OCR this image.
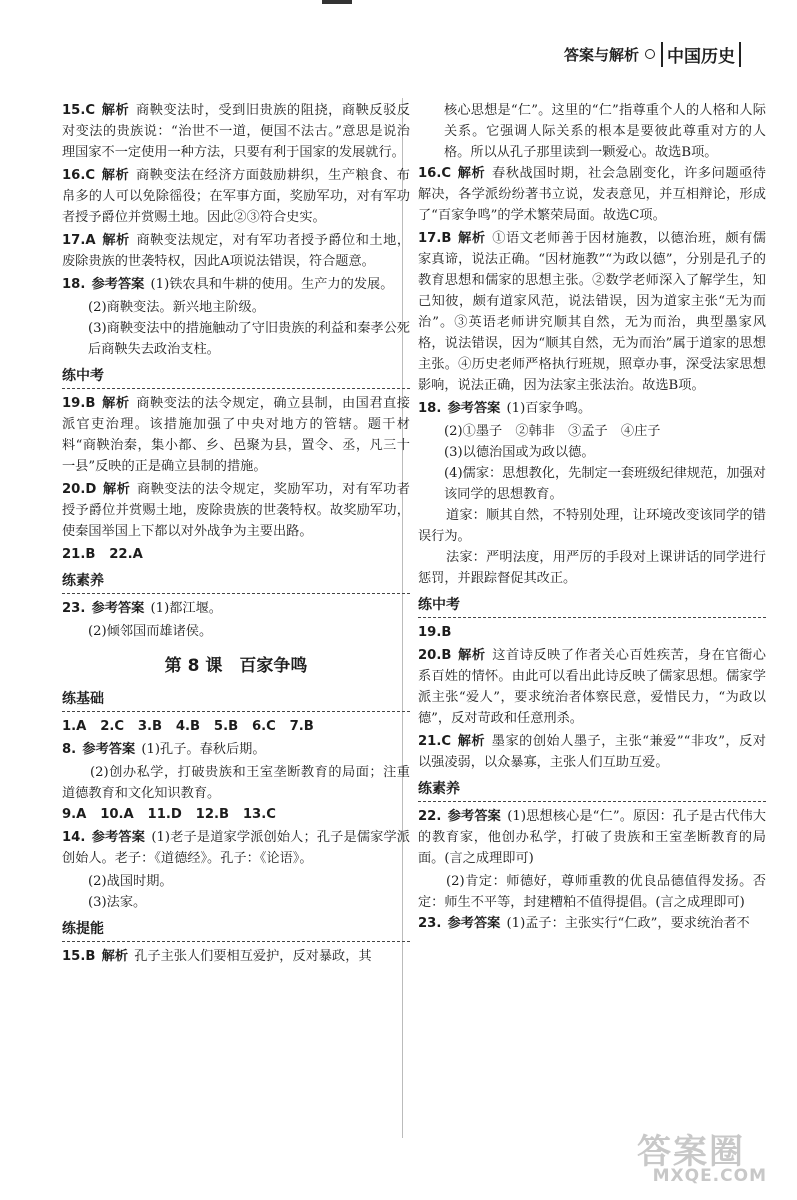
答案与解析	中国历史
15.C 解析 商鞅变法时，受到旧贵族的阻挠，商鞅反驳反对变法的贵族说：“治世不一道，便国不法古。”意思是说治理国家不一定使用一种方法，只要有利于国家的发展就行。
16.C 解析 商鞅变法在经济方面鼓励耕织，生产粮食、布帛多的人可以免除徭役；在军事方面，奖励军功，对有军功者授予爵位并赏赐土地。因此②③符合史实。
17.A 解析 商鞅变法规定，对有军功者授予爵位和土地，废除贵族的世袭特权，因此A项说法错误，符合题意。
18. 参考答案 (1)铁农具和牛耕的使用。生产力的发展。
(2)商鞅变法。新兴地主阶级。
(3)商鞅变法中的措施触动了守旧贵族的利益和秦孝公死后商鞅失去政治支柱。
练中考
19.B 解析 商鞅变法的法令规定，确立县制，由国君直接派官吏治理。该措施加强了中央对地方的管辖。题干材料“商鞅治秦，集小都、乡、邑聚为县，置令、丞，凡三十一县”反映的正是确立县制的措施。
20.D 解析 商鞅变法的法令规定，奖励军功，对有军功者授予爵位并赏赐土地，废除贵族的世袭特权。故奖励军功，使秦国举国上下都以对外战争为主要出路。
21.B 22.A
练素养
23. 参考答案 (1)都江堰。
(2)倾邻国而雄诸侯。
第 8 课　百家争鸣
练基础
1.A 2.C 3.B 4.B 5.B 6.C 7.B
8. 参考答案 (1)孔子。春秋后期。
(2)创办私学，打破贵族和王室垄断教育的局面；注重道德教育和文化知识教育。
9.A 10.A 11.D 12.B 13.C
14. 参考答案 (1)老子是道家学派创始人；孔子是儒家学派创始人。老子：《道德经》。孔子：《论语》。
(2)战国时期。
(3)法家。
练提能
15.B 解析 孔子主张人们要相互爱护，反对暴政，其
核心思想是“仁”。这里的“仁”指尊重个人的人格和人际关系。它强调人际关系的根本是要彼此尊重对方的人格。所以从孔子那里读到一颗爱心。故选B项。
16.C 解析 春秋战国时期，社会急剧变化，许多问题亟待解决，各学派纷纷著书立说，发表意见，并互相辩论，形成了“百家争鸣”的学术繁荣局面。故选C项。
17.B 解析 ①语文老师善于因材施教，以德治班，颇有儒家真谛，说法正确。“因材施教”“为政以德”，分别是孔子的教育思想和儒家的思想主张。②数学老师深入了解学生，知己知彼，颇有道家风范，说法错误，因为道家主张“无为而治”。③英语老师讲究顺其自然，无为而治，典型墨家风格，说法错误，因为“顺其自然，无为而治”属于道家的思想主张。④历史老师严格执行班规，照章办事，深受法家思想影响，说法正确，因为法家主张法治。故选B项。
18. 参考答案 (1)百家争鸣。
(2)①墨子　②韩非　③孟子　④庄子
(3)以德治国或为政以德。
(4)儒家：思想教化，先制定一套班级纪律规范，加强对该同学的思想教育。
道家：顺其自然，不特别处理，让环境改变该同学的错误行为。
法家：严明法度，用严厉的手段对上课讲话的同学进行惩罚，并跟踪督促其改正。
练中考
19.B
20.B 解析 这首诗反映了作者关心百姓疾苦，身在官衙心系百姓的情怀。由此可以看出此诗反映了儒家思想。儒家学派主张“爱人”，要求统治者体察民意，爱惜民力，“为政以德”，反对苛政和任意刑杀。
21.C 解析 墨家的创始人墨子，主张“兼爱”“非攻”，反对以强凌弱，以众暴寡，主张人们互助互爱。
练素养
22. 参考答案 (1)思想核心是“仁”。原因：孔子是古代伟大的教育家，他创办私学，打破了贵族和王室垄断教育的局面。(言之成理即可)
(2)肯定：师德好，尊师重教的优良品德值得发扬。否定：师生不平等，封建糟粕不值得提倡。(言之成理即可)
23. 参考答案 (1)孟子：主张实行“仁政”，要求统治者不
答案圈
MXQE.COM
